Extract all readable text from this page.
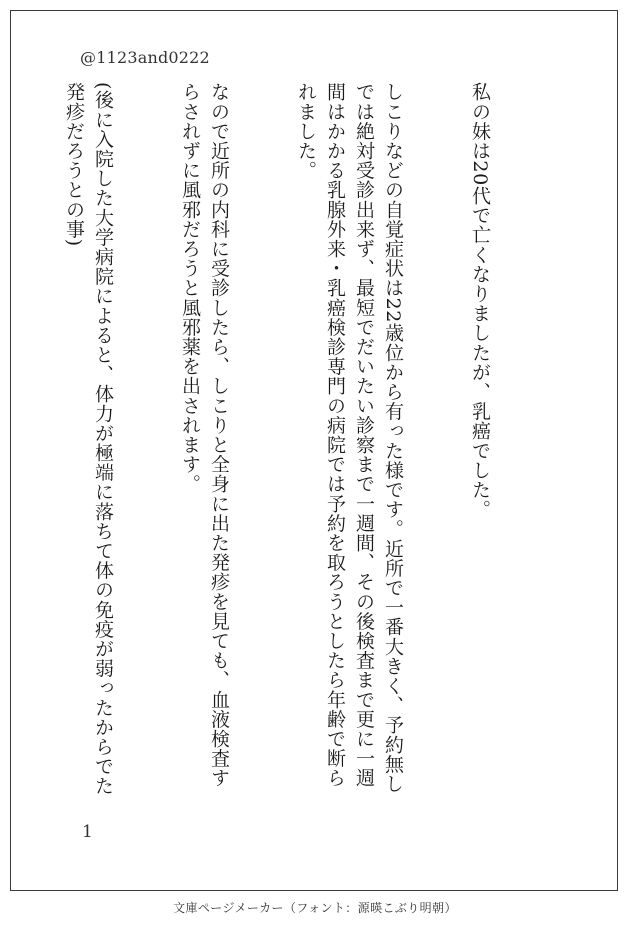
@1123and0222

私の妹は20代で亡くなりましたが、乳癌でした。

しこりなどの自覚症状は22歳位から有った様です。近所で一番大きく、予約無しでは絶対受診出来ず、最短でだいたい診察まで一週間、その後検査まで更に一週間はかかる乳腺外来・乳癌検診専門の病院では予約を取ろうとしたら年齢で断られました。

なので近所の内科に受診したら、しこりと全身に出た発疹を見ても、血液検査すらされずに風邪だろうと風邪薬を出されます。

(後に入院した大学病院によると、体力が極端に落ちて体の免疫が弱ったからでた発疹だろうとの事)

1
文庫ページメーカー（フォント：源暎こぶり明朝）
